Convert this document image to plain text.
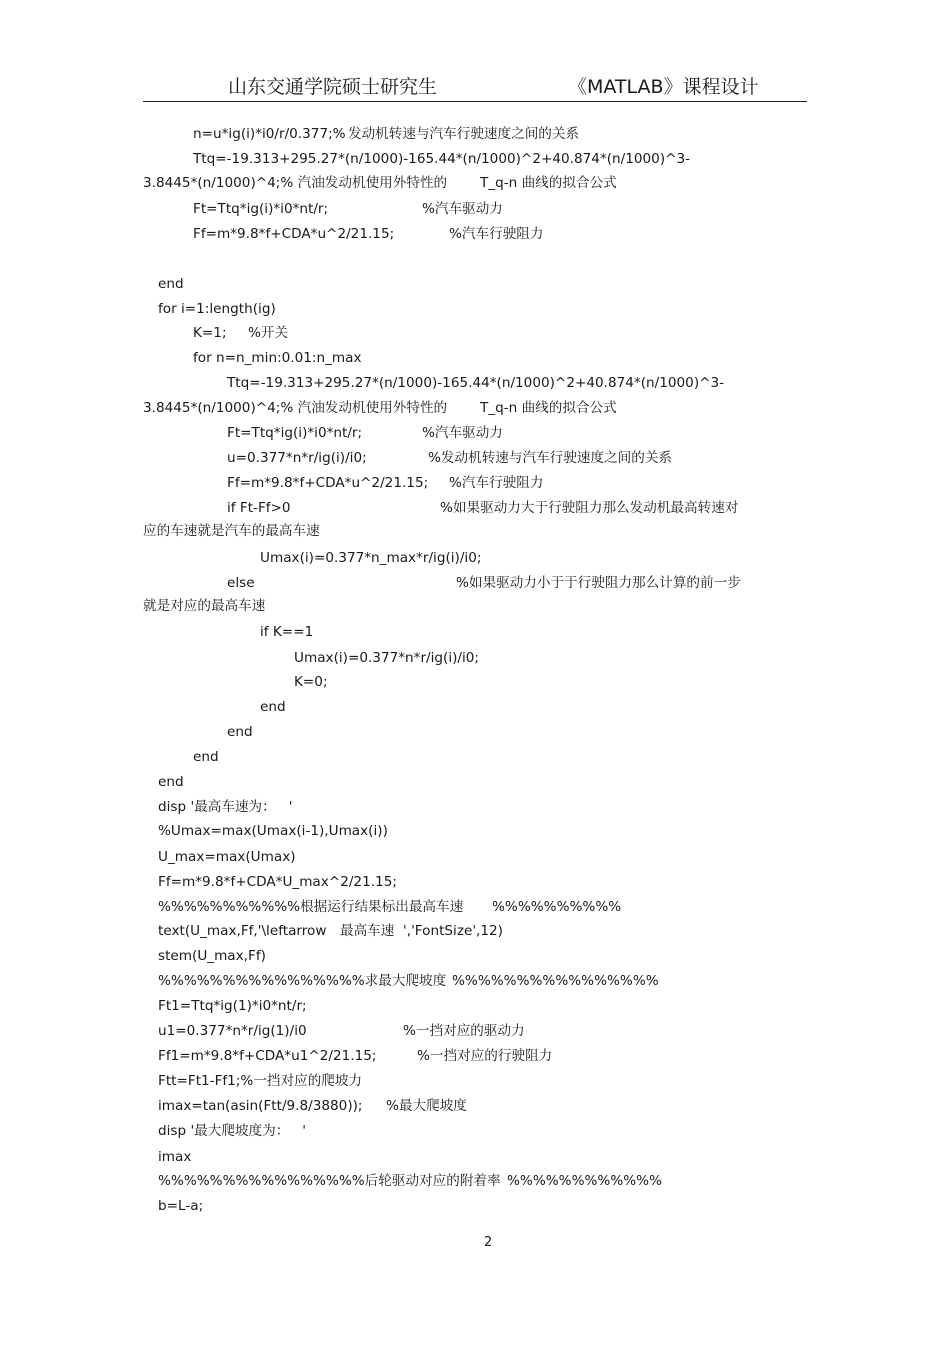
山东交通学院硕士研究生	《MATLAB》课程设计
n=u*ig(i)*i0/r/0.377;% 发动机转速与汽车行驶速度之间的关系
Ttq=-19.313+295.27*(n/1000)-165.44*(n/1000)^2+40.874*(n/1000)^3-
3.8445*(n/1000)^4;% 汽油发动机使用外特性的 T_q-n 曲线的拟合公式
Ft=Ttq*ig(i)*i0*nt/r;	%汽车驱动力
Ff=m*9.8*f+CDA*u^2/21.15;	%汽车行驶阻力
end
for i=1:length(ig)
K=1; %开关
for n=n_min:0.01:n_max
Ttq=-19.313+295.27*(n/1000)-165.44*(n/1000)^2+40.874*(n/1000)^3-
3.8445*(n/1000)^4;% 汽油发动机使用外特性的 T_q-n 曲线的拟合公式
Ft=Ttq*ig(i)*i0*nt/r;	%汽车驱动力
u=0.377*n*r/ig(i)/i0;	%发动机转速与汽车行驶速度之间的关系
Ff=m*9.8*f+CDA*u^2/21.15; %汽车行驶阻力
if Ft-Ff>0	%如果驱动力大于行驶阻力那么发动机最高转速对
应的车速就是汽车的最高车速
Umax(i)=0.377*n_max*r/ig(i)/i0;
else	%如果驱动力小于于行驶阻力那么计算的前一步
就是对应的最高车速
if K==1
Umax(i)=0.377*n*r/ig(i)/i0;
K=0;
end
end
end
end
disp '最高车速为：   '
%Umax=max(Umax(i-1),Umax(i))
U_max=max(Umax)
Ff=m*9.8*f+CDA*U_max^2/21.15;
%%%%%%%%%%%根据运行结果标出最高车速 %%%%%%%%%%
text(U_max,Ff,'\leftarrow 最高车速  ','FontSize',12)
stem(U_max,Ff)
%%%%%%%%%%%%%%%%求最大爬坡度 %%%%%%%%%%%%%%%%
Ft1=Ttq*ig(1)*i0*nt/r;
u1=0.377*n*r/ig(1)/i0	%一挡对应的驱动力
Ff1=m*9.8*f+CDA*u1^2/21.15;	%一挡对应的行驶阻力
Ftt=Ft1-Ff1;%一挡对应的爬坡力
imax=tan(asin(Ftt/9.8/3880)); %最大爬坡度
disp '最大爬坡度为：   '
imax
%%%%%%%%%%%%%%%%后轮驱动对应的附着率 %%%%%%%%%%%%
b=L-a;
2
